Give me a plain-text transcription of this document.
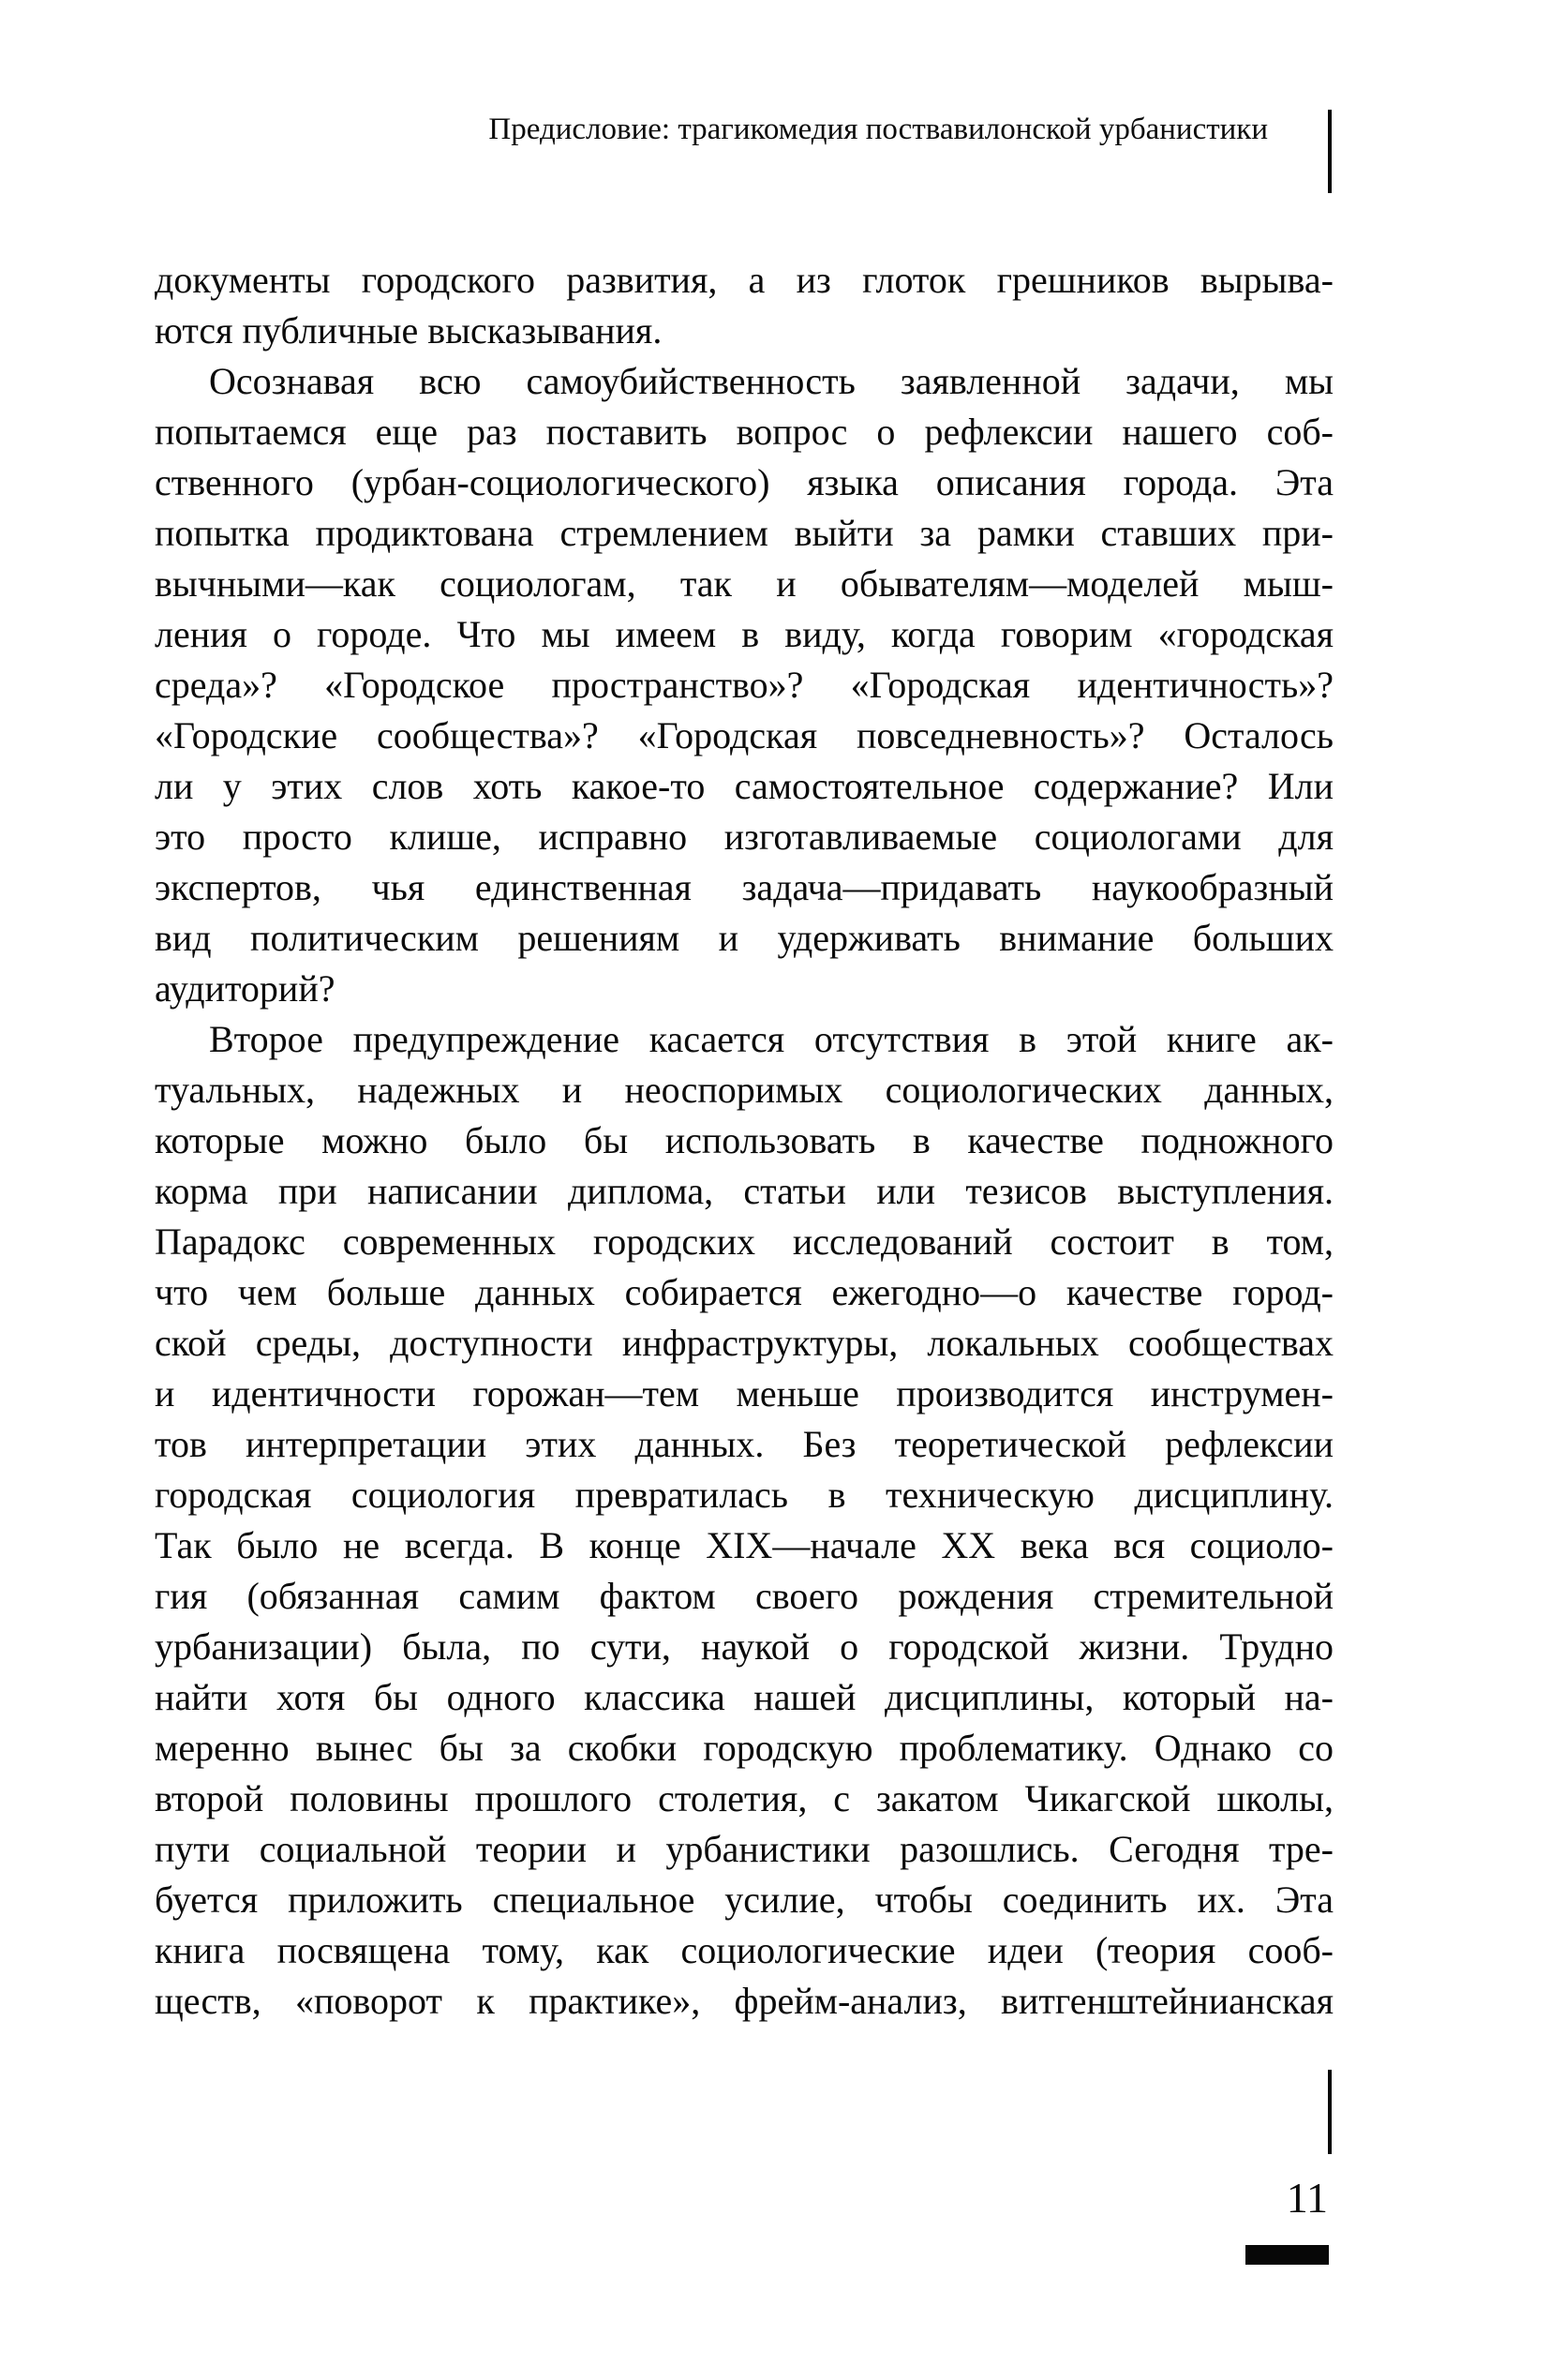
Предисловие: трагикомедия поствавилонской урбанистики
документы городского развития, а из глоток грешников вырыва-
ются публичные высказывания.
Осознавая всю самоубийственность заявленной задачи, мы
попытаемся еще раз поставить вопрос о рефлексии нашего соб-
ственного (урбан-социологического) языка описания города. Эта
попытка продиктована стремлением выйти за рамки ставших при-
вычными—как социологам, так и обывателям—моделей мыш-
ления о городе. Что мы имеем в виду, когда говорим «городская
среда»? «Городское пространство»? «Городская идентичность»?
«Городские сообщества»? «Городская повседневность»? Осталось
ли у этих слов хоть какое-то самостоятельное содержание? Или
это просто клише, исправно изготавливаемые социологами для
экспертов, чья единственная задача—придавать наукообразный
вид политическим решениям и удерживать внимание больших
аудиторий?
Второе предупреждение касается отсутствия в этой книге ак-
туальных, надежных и неоспоримых социологических данных,
которые можно было бы использовать в качестве подножного
корма при написании диплома, статьи или тезисов выступления.
Парадокс современных городских исследований состоит в том,
что чем больше данных собирается ежегодно—о качестве город-
ской среды, доступности инфраструктуры, локальных сообществах
и идентичности горожан—тем меньше производится инструмен-
тов интерпретации этих данных. Без теоретической рефлексии
городская социология превратилась в техническую дисциплину.
Так было не всегда. В конце XIX—начале XX века вся социоло-
гия (обязанная самим фактом своего рождения стремительной
урбанизации) была, по сути, наукой о городской жизни. Трудно
найти хотя бы одного классика нашей дисциплины, который на-
меренно вынес бы за скобки городскую проблематику. Однако со
второй половины прошлого столетия, с закатом Чикагской школы,
пути социальной теории и урбанистики разошлись. Сегодня тре-
буется приложить специальное усилие, чтобы соединить их. Эта
книга посвящена тому, как социологические идеи (теория сооб-
ществ, «поворот к практике», фрейм-анализ, витгенштейнианская
11
